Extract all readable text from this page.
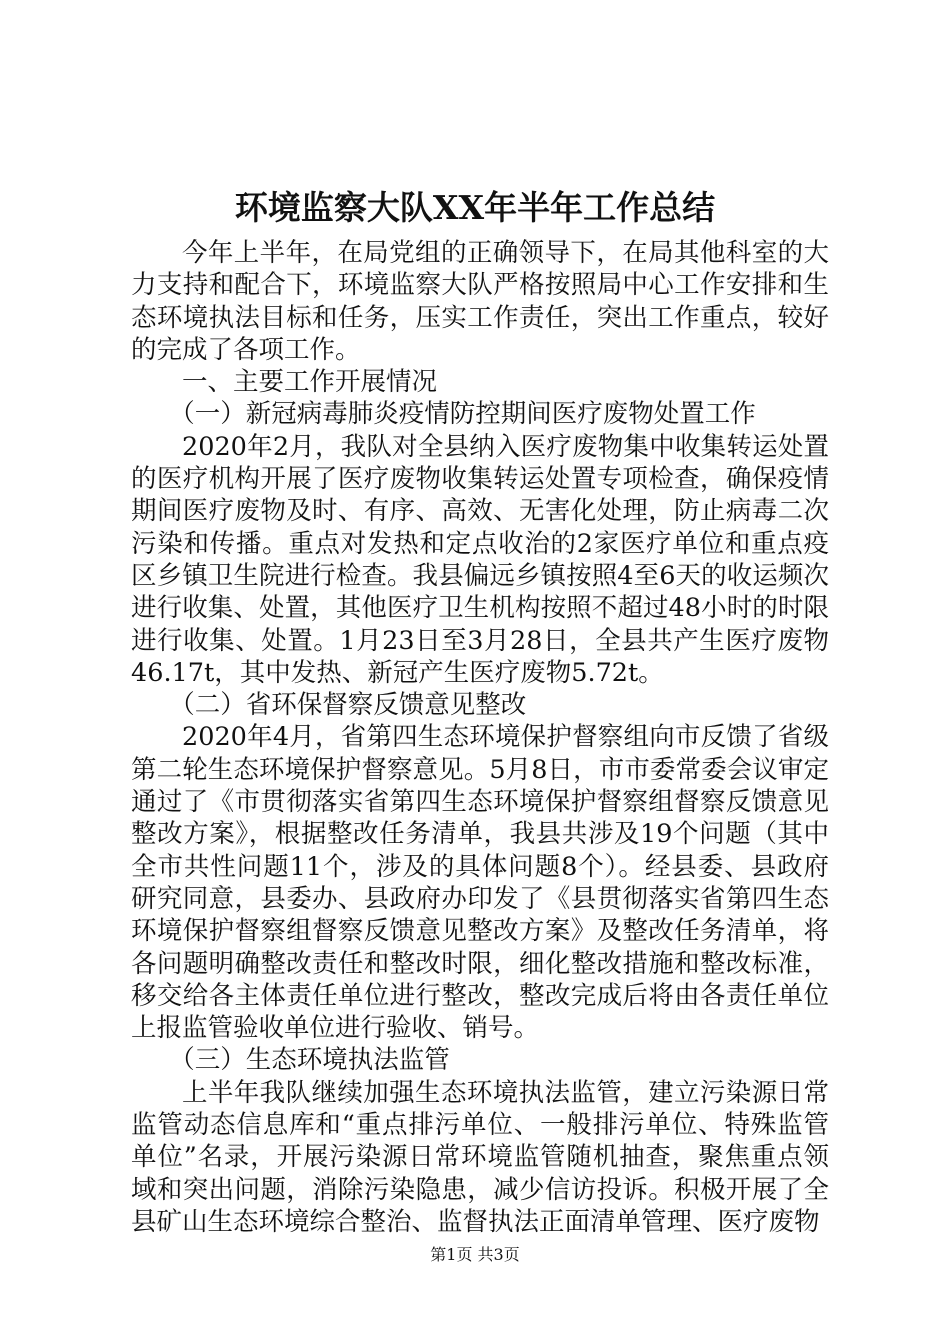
环境监察大队XX年半年工作总结

今年上半年，在局党组的正确领导下，在局其他科室的大力支持和配合下，环境监察大队严格按照局中心工作安排和生态环境执法目标和任务，压实工作责任，突出工作重点，较好的完成了各项工作。

一、主要工作开展情况

（一）新冠病毒肺炎疫情防控期间医疗废物处置工作

2020年2月，我队对全县纳入医疗废物集中收集转运处置的医疗机构开展了医疗废物收集转运处置专项检查，确保疫情期间医疗废物及时、有序、高效、无害化处理，防止病毒二次污染和传播。重点对发热和定点收治的2家医疗单位和重点疫区乡镇卫生院进行检查。我县偏远乡镇按照4至6天的收运频次进行收集、处置，其他医疗卫生机构按照不超过48小时的时限进行收集、处置。1月23日至3月28日，全县共产生医疗废物46.17t，其中发热、新冠产生医疗废物5.72t。

（二）省环保督察反馈意见整改

2020年4月，省第四生态环境保护督察组向市反馈了省级第二轮生态环境保护督察意见。5月8日，市市委常委会议审定通过了《市贯彻落实省第四生态环境保护督察组督察反馈意见整改方案》，根据整改任务清单，我县共涉及19个问题（其中全市共性问题11个，涉及的具体问题8个）。经县委、县政府研究同意，县委办、县政府办印发了《县贯彻落实省第四生态环境保护督察组督察反馈意见整改方案》及整改任务清单，将各问题明确整改责任和整改时限，细化整改措施和整改标准，移交给各主体责任单位进行整改，整改完成后将由各责任单位上报监管验收单位进行验收、销号。

（三）生态环境执法监管

上半年我队继续加强生态环境执法监管，建立污染源日常监管动态信息库和“重点排污单位、一般排污单位、特殊监管单位”名录，开展污染源日常环境监管随机抽查，聚焦重点领域和突出问题，消除污染隐患，减少信访投诉。积极开展了全县矿山生态环境综合整治、监督执法正面清单管理、医疗废物

第1页 共3页
